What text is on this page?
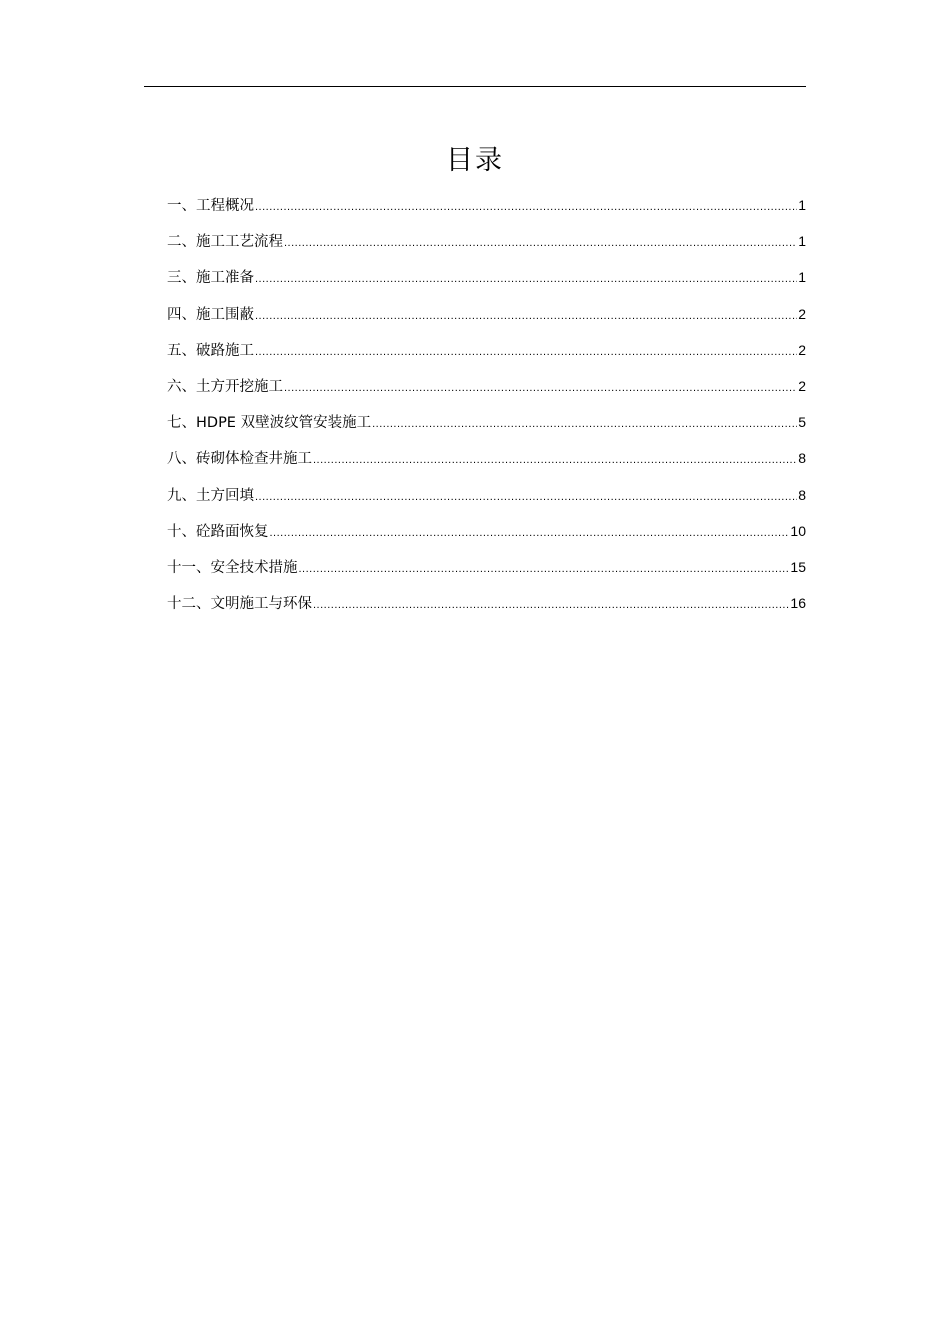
目录
一、工程概况 .....	1
二、施工工艺流程 .....	1
三、施工准备 .....	1
四、施工围蔽 .....	2
五、破路施工 .....	2
六、土方开挖施工 .....	2
七、HDPE 双壁波纹管安装施工 .....	5
八、砖砌体检查井施工 .....	8
九、土方回填 .....	8
十、砼路面恢复 .....	10
十一、安全技术措施 .....	15
十二、文明施工与环保 .....	16
